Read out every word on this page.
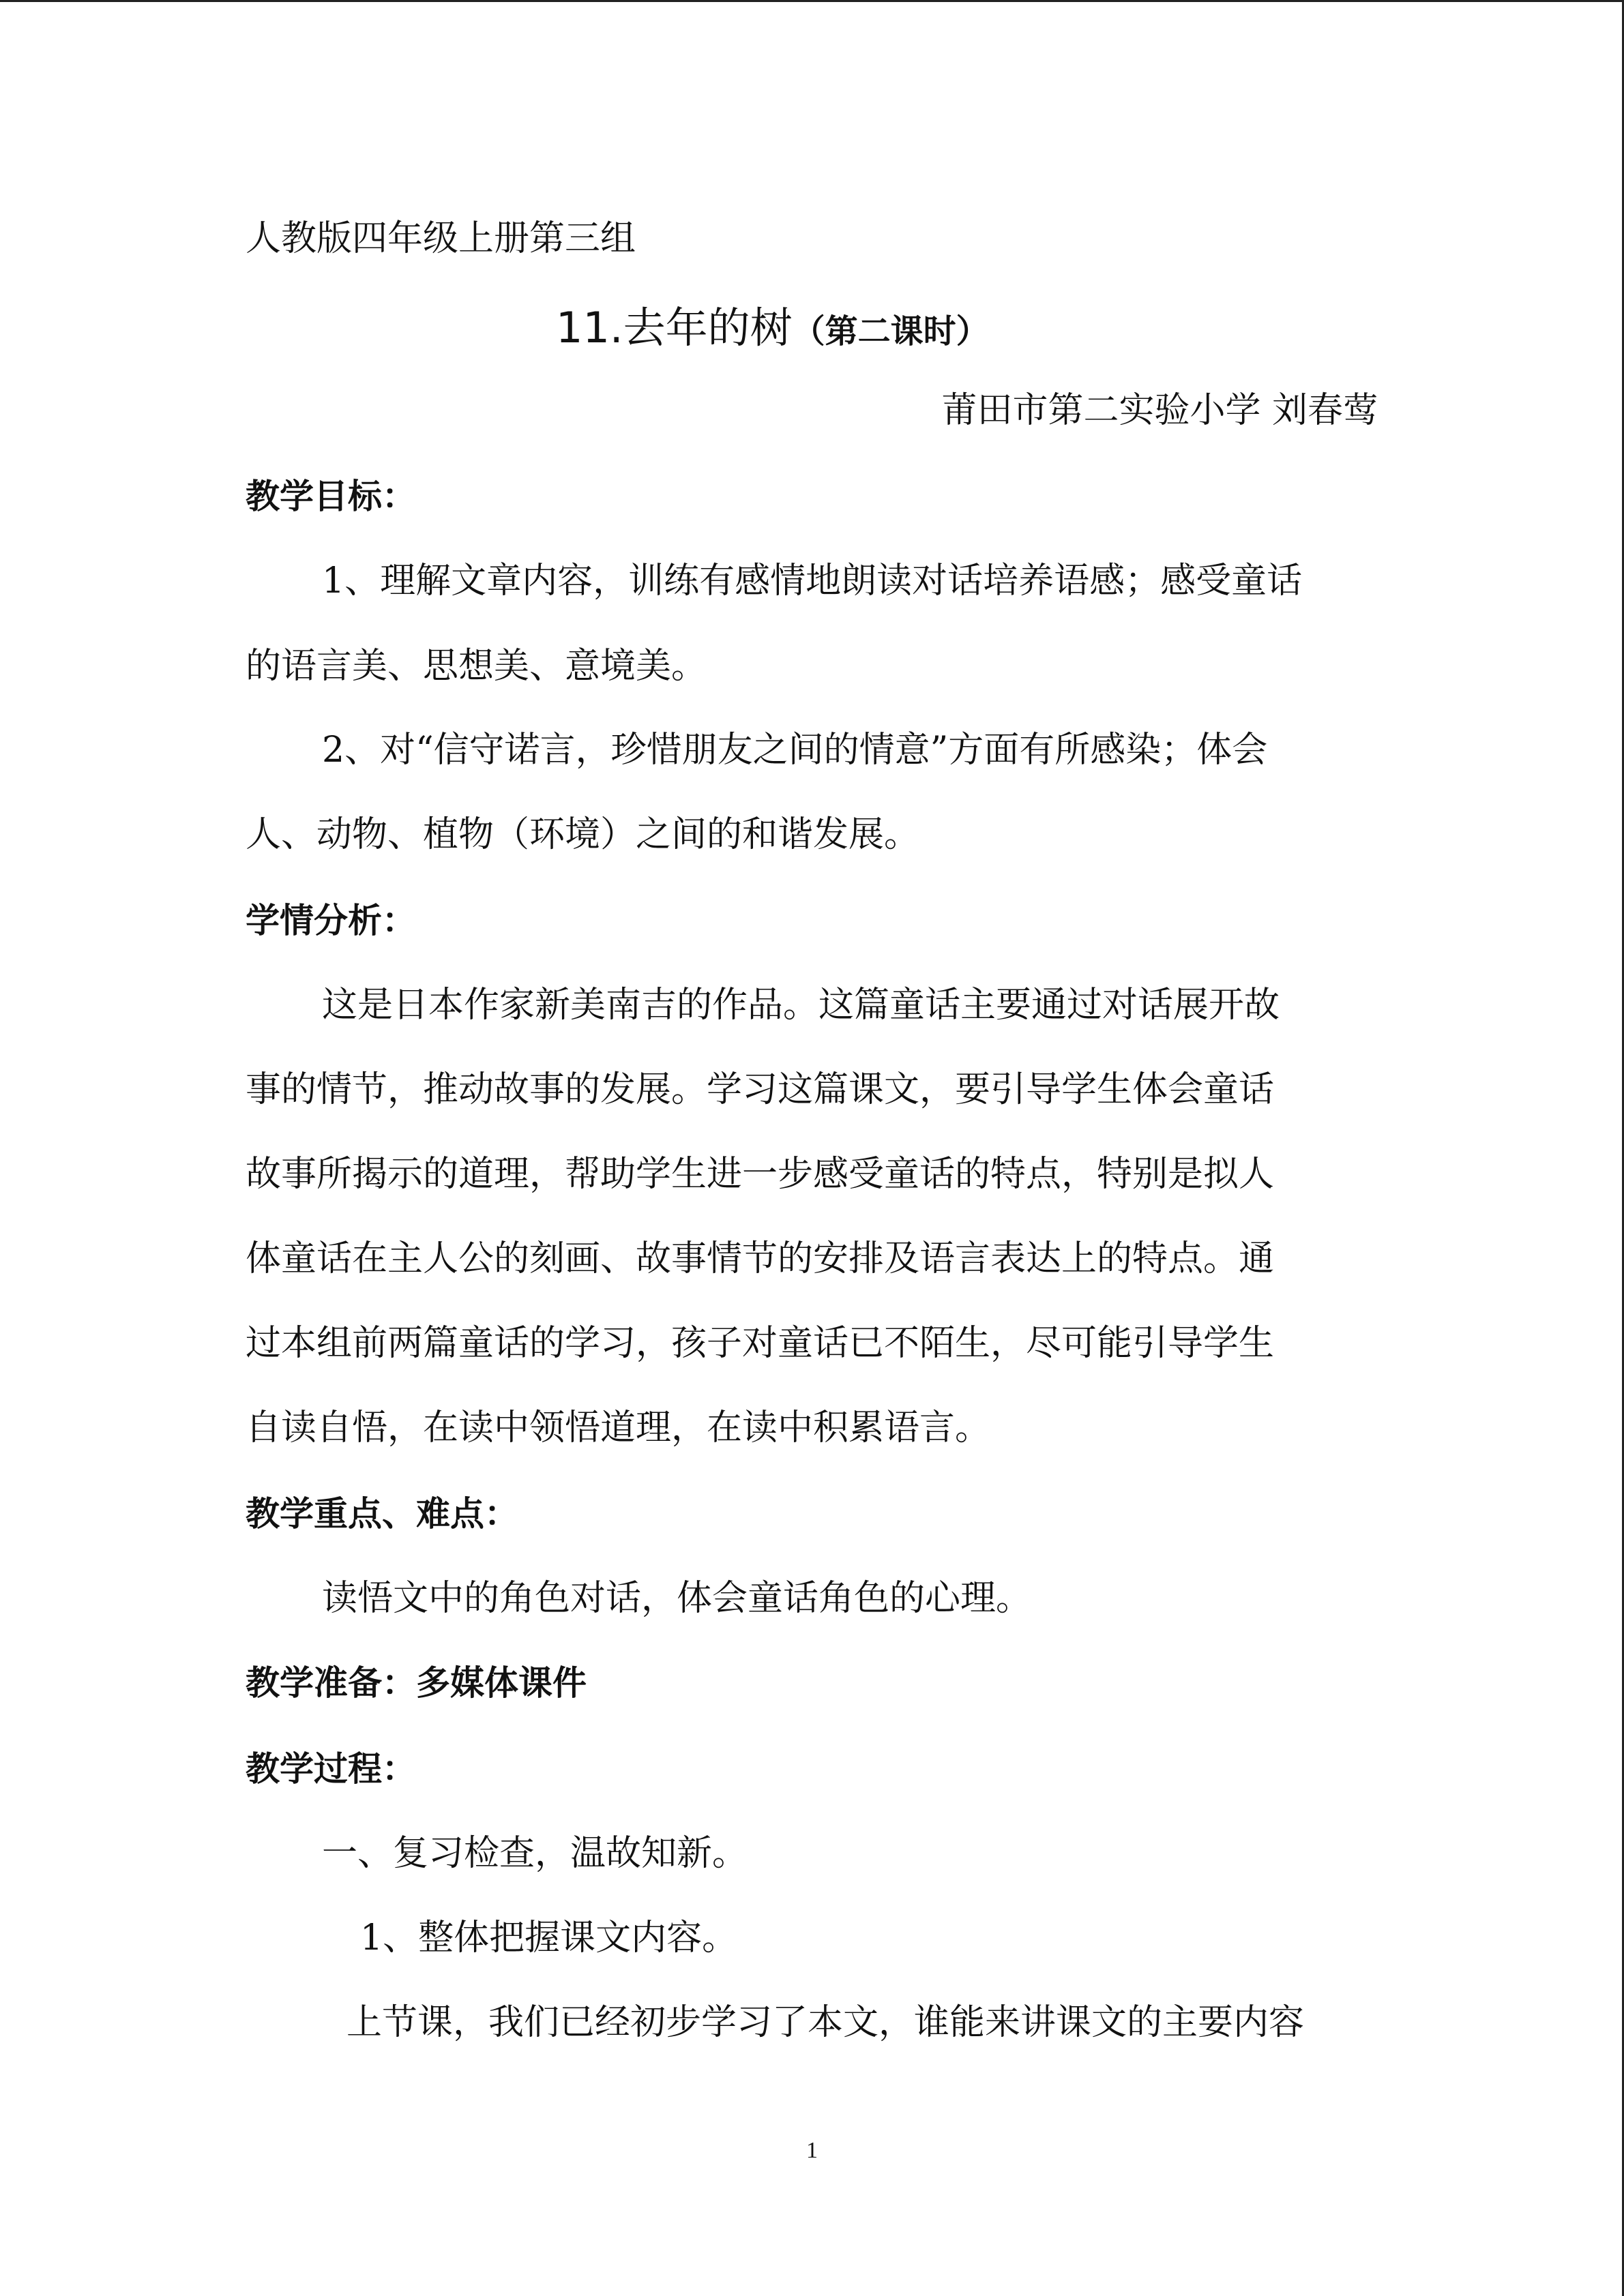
人教版四年级上册第三组
11.去年的树（第二课时）
莆田市第二实验小学 刘春莺
教学目标：
1、理解文章内容，训练有感情地朗读对话培养语感；感受童话
的语言美、思想美、意境美。
2、对“信守诺言，珍惜朋友之间的情意”方面有所感染；体会
人、动物、植物（环境）之间的和谐发展。
学情分析：
这是日本作家新美南吉的作品。这篇童话主要通过对话展开故
事的情节，推动故事的发展。学习这篇课文，要引导学生体会童话
故事所揭示的道理，帮助学生进一步感受童话的特点，特别是拟人
体童话在主人公的刻画、故事情节的安排及语言表达上的特点。通
过本组前两篇童话的学习，孩子对童话已不陌生，尽可能引导学生
自读自悟，在读中领悟道理，在读中积累语言。
教学重点、难点：
读悟文中的角色对话，体会童话角色的心理。
教学准备：多媒体课件
教学过程：
一、复习检查，温故知新。
1、整体把握课文内容。
上节课，我们已经初步学习了本文，谁能来讲课文的主要内容
1
